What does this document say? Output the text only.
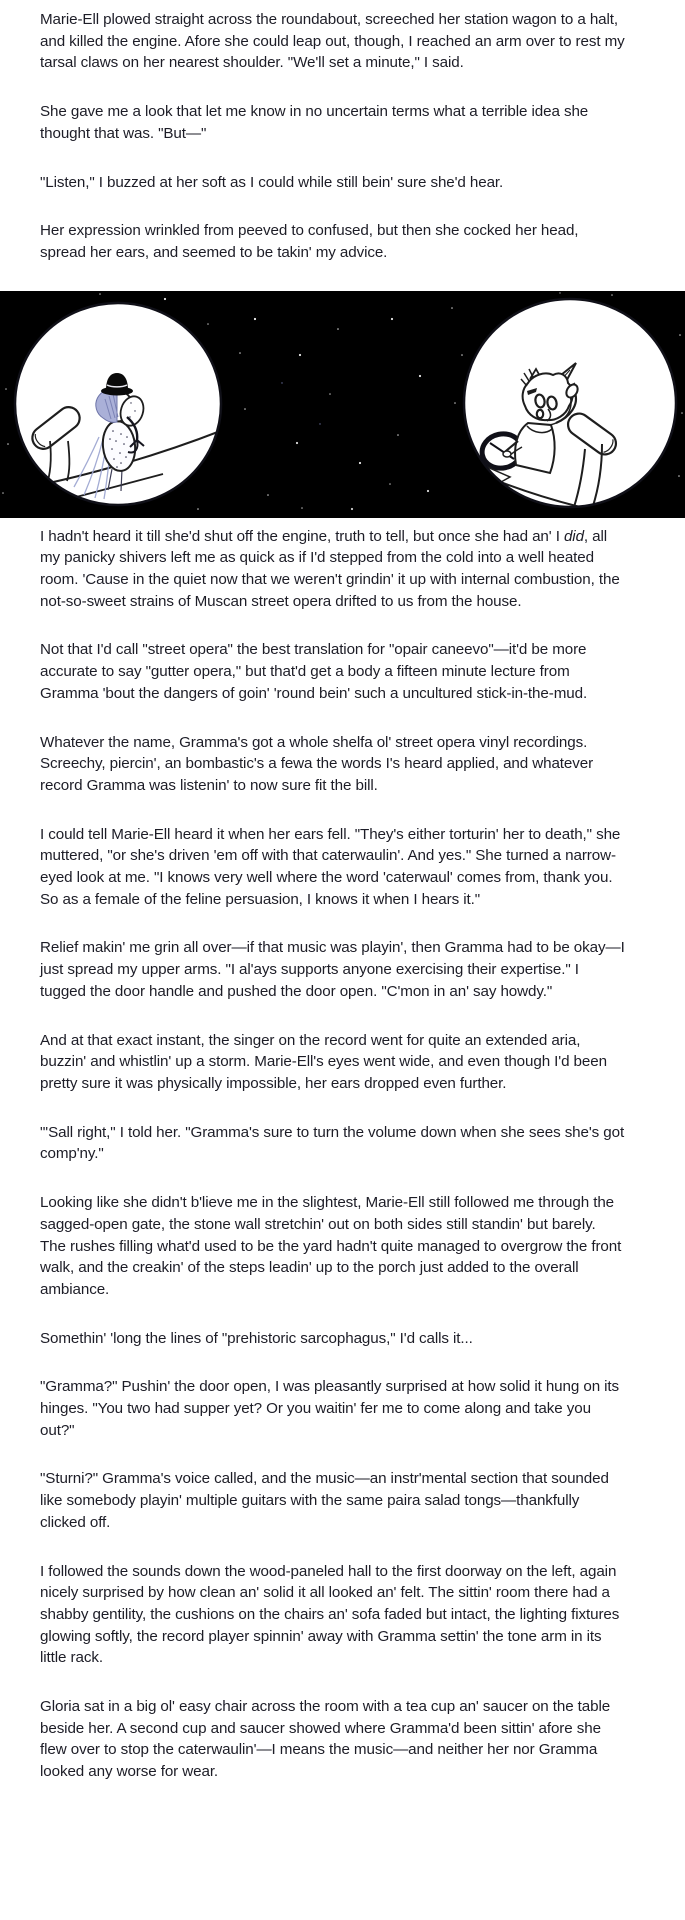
Marie-Ell plowed straight across the roundabout, screeched her station wagon to a halt, and killed the engine. Afore she could leap out, though, I reached an arm over to rest my tarsal claws on her nearest shoulder. "We'll set a minute," I said.

She gave me a look that let me know in no uncertain terms what a terrible idea she thought that was. "But—"

"Listen," I buzzed at her soft as I could while still bein' sure she'd hear.

Her expression wrinkled from peeved to confused, but then she cocked her head, spread her ears, and seemed to be takin' my advice.

I hadn't heard it till she'd shut off the engine, truth to tell, but once she had an' I did, all my panicky shivers left me as quick as if I'd stepped from the cold into a well heated room. 'Cause in the quiet now that we weren't grindin' it up with internal combustion, the not-so-sweet strains of Muscan street opera drifted to us from the house.

Not that I'd call "street opera" the best translation for "opair caneevo"—it'd be more accurate to say "gutter opera," but that'd get a body a fifteen minute lecture from Gramma 'bout the dangers of goin' 'round bein' such a uncultured stick-in-the-mud.

Whatever the name, Gramma's got a whole shelfa ol' street opera vinyl recordings. Screechy, piercin', an bombastic's a fewa the words I's heard applied, and whatever record Gramma was listenin' to now sure fit the bill.

I could tell Marie-Ell heard it when her ears fell. "They's either torturin' her to death," she muttered, "or she's driven 'em off with that caterwaulin'. And yes." She turned a narrow-eyed look at me. "I knows very well where the word 'caterwaul' comes from, thank you. So as a female of the feline persuasion, I knows it when I hears it."

Relief makin' me grin all over—if that music was playin', then Gramma had to be okay—I just spread my upper arms. "I al'ays supports anyone exercising their expertise." I tugged the door handle and pushed the door open. "C'mon in an' say howdy."

And at that exact instant, the singer on the record went for quite an extended aria, buzzin' and whistlin' up a storm. Marie-Ell's eyes went wide, and even though I'd been pretty sure it was physically impossible, her ears dropped even further.

"'Sall right," I told her. "Gramma's sure to turn the volume down when she sees she's got comp'ny."

Looking like she didn't b'lieve me in the slightest, Marie-Ell still followed me through the sagged-open gate, the stone wall stretchin' out on both sides still standin' but barely. The rushes filling what'd used to be the yard hadn't quite managed to overgrow the front walk, and the creakin' of the steps leadin' up to the porch just added to the overall ambiance.

Somethin' 'long the lines of "prehistoric sarcophagus," I'd calls it...

"Gramma?" Pushin' the door open, I was pleasantly surprised at how solid it hung on its hinges. "You two had supper yet? Or you waitin' fer me to come along and take you out?"

"Sturni?" Gramma's voice called, and the music—an instr'mental section that sounded like somebody playin' multiple guitars with the same paira salad tongs—thankfully clicked off.

I followed the sounds down the wood-paneled hall to the first doorway on the left, again nicely surprised by how clean an' solid it all looked an' felt. The sittin' room there had a shabby gentility, the cushions on the chairs an' sofa faded but intact, the lighting fixtures glowing softly, the record player spinnin' away with Gramma settin' the tone arm in its little rack.

Gloria sat in a big ol' easy chair across the room with a tea cup an' saucer on the table beside her. A second cup and saucer showed where Gramma'd been sittin' afore she flew over to stop the caterwaulin'—I means the music—and neither her nor Gramma looked any worse for wear.
